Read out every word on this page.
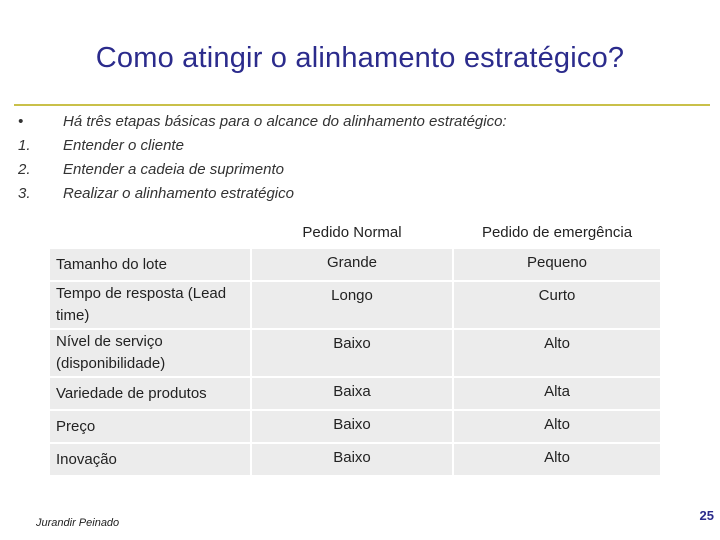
Como atingir o alinhamento estratégico?
•	Há três etapas básicas para o alcance do alinhamento estratégico:
1.	Entender o cliente
2.	Entender a cadeia de suprimento
3.	Realizar o alinhamento estratégico
		Pedido Normal		Pedido de emergência
Tamanho do lote		Grande		Pequeno

Tempo de resposta (Lead time)		Longo		Curto

Nível de serviço (disponibilidade)		Baixo		Alto

Variedade de produtos		Baixa		Alta

Preço		Baixo		Alto

Inovação		Baixo		Alto
Jurandir Peinado	25
